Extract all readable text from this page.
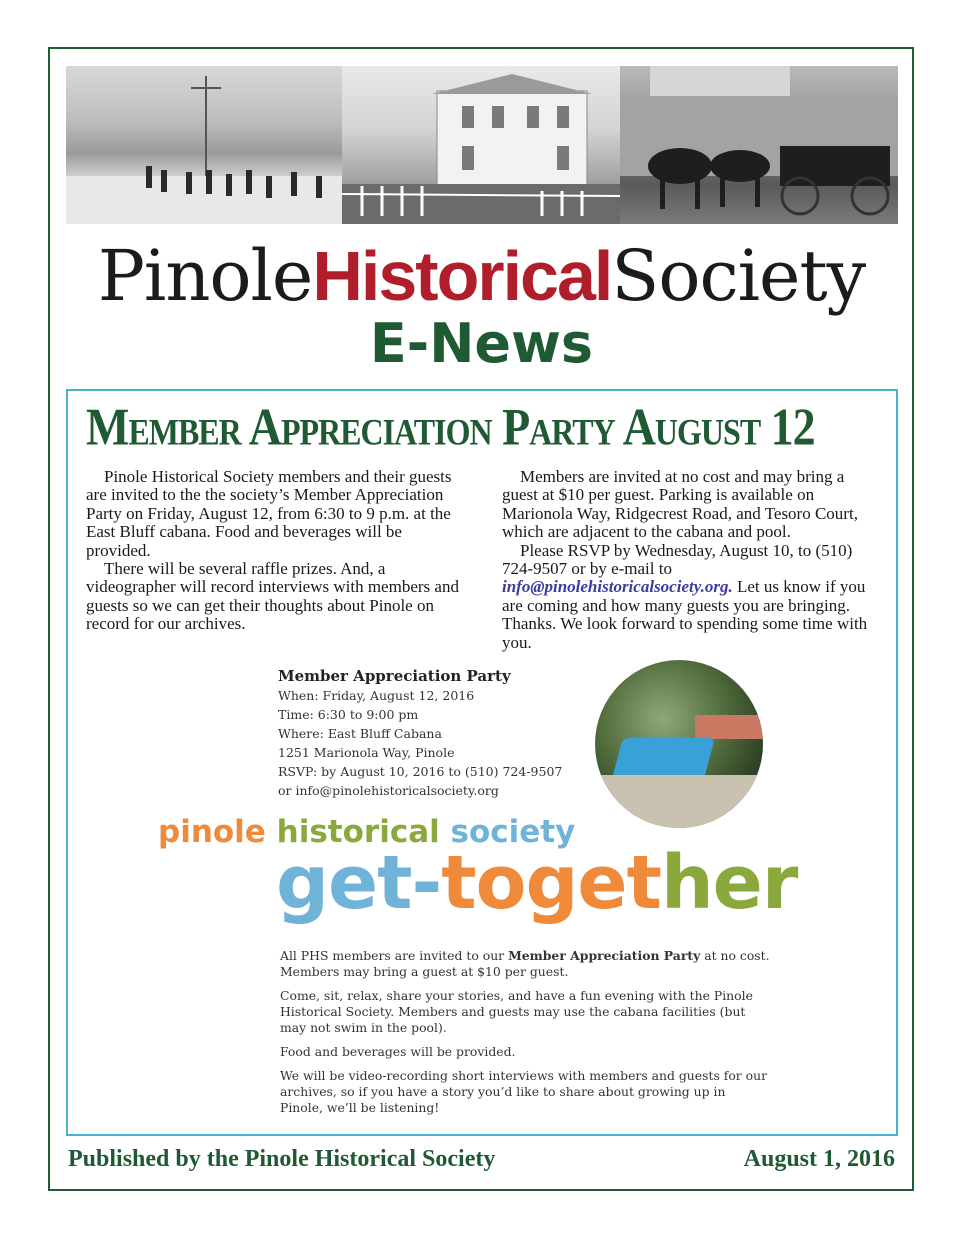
PinoleHistoricalSociety
E-News
Member Appreciation Party August 12

Pinole Historical Society members and their guests are invited to the the society’s Member Appreciation Party on Friday, August 12, from 6:30 to 9 p.m. at the East Bluff cabana. Food and beverages will be provided.

There will be several raffle prizes. And, a videographer will record interviews with members and guests so we can get their thoughts about Pinole on record for our archives.

Members are invited at no cost and may bring a guest at $10 per guest. Parking is available on Marionola Way, Ridgecrest Road, and Tesoro Court, which are adjacent to the cabana and pool.

Please RSVP by Wednesday, August 10, to (510) 724-9507 or by e-mail to info@pinolehistoricalsociety.org. Let us know if you are coming and how many guests you are bringing. Thanks. We look forward to spending some time with you.

Member Appreciation Party
When: Friday, August 12, 2016
Time: 6:30 to 9:00 pm
Where: East Bluff Cabana
1251 Marionola Way, Pinole
RSVP: by August 10, 2016 to (510) 724-9507
or info@pinolehistoricalsociety.org
pinole historical society
get-together

All PHS members are invited to our Member Appreciation Party at no cost. Members may bring a guest at $10 per guest.

Come, sit, relax, share your stories, and have a fun evening with the Pinole Historical Society. Members and guests may use the cabana facilities (but may not swim in the pool).

Food and beverages will be provided.

We will be video-recording short interviews with members and guests for our archives, so if you have a story you’d like to share about growing up in Pinole, we’ll be listening!

Published by the Pinole Historical Society	August 1, 2016
